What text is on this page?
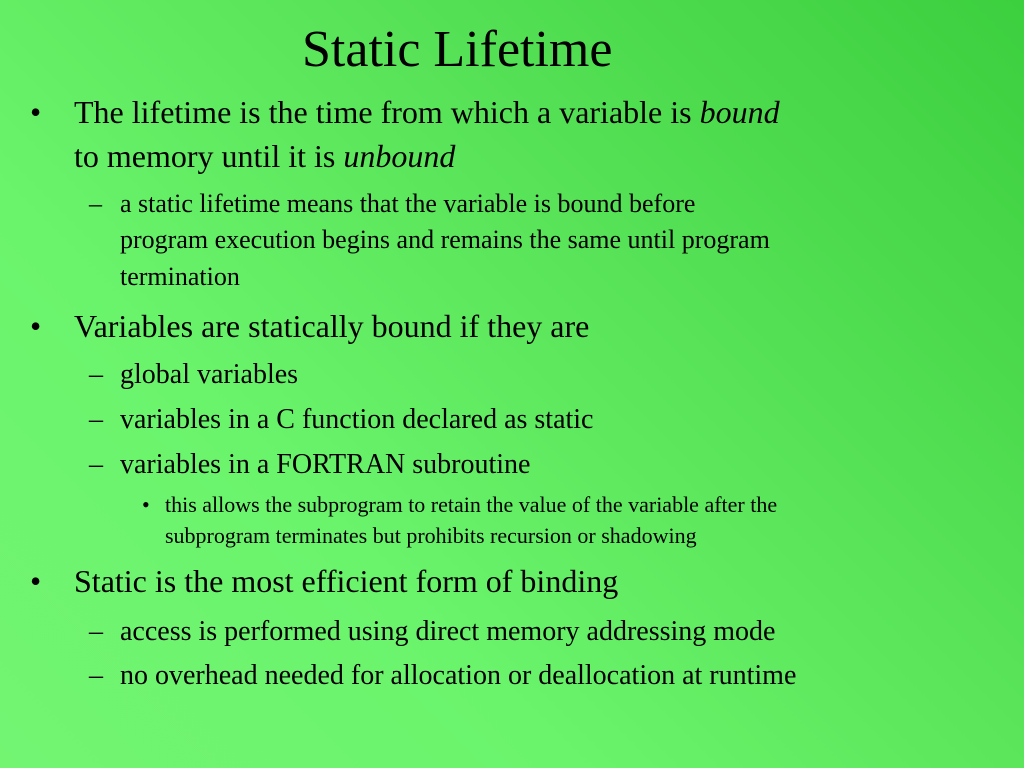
Static Lifetime
• The lifetime is the time from which a variable is bound
to memory until it is unbound
– a static lifetime means that the variable is bound before
program execution begins and remains the same until program
termination
• Variables are statically bound if they are
– global variables
– variables in a C function declared as static
– variables in a FORTRAN subroutine
• this allows the subprogram to retain the value of the variable after the
subprogram terminates but prohibits recursion or shadowing
• Static is the most efficient form of binding
– access is performed using direct memory addressing mode
– no overhead needed for allocation or deallocation at runtime
